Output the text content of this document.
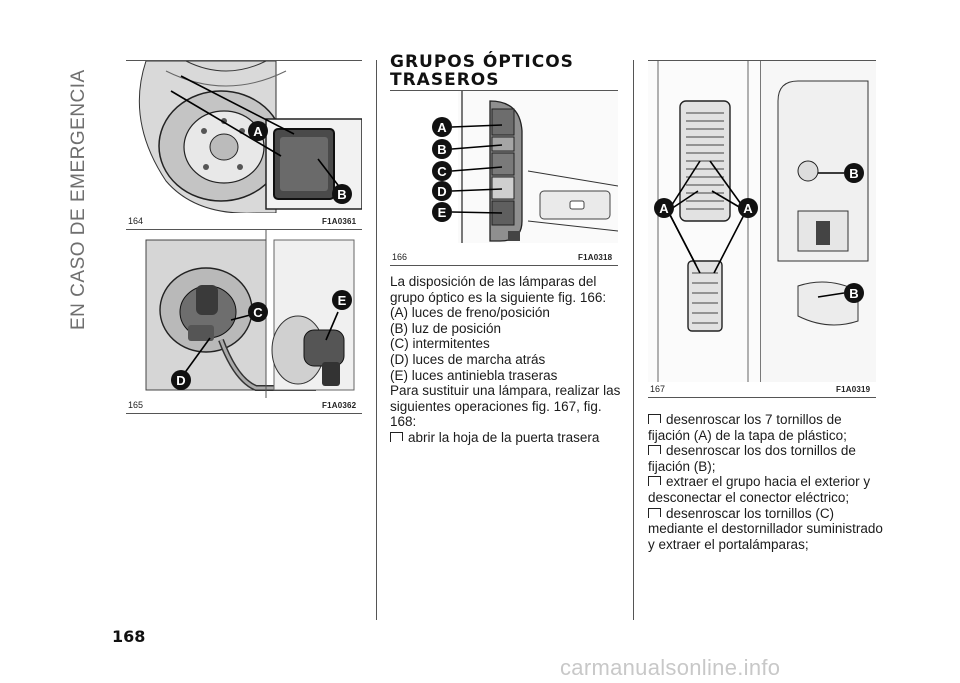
EN CASO DE EMERGENCIA	A
B
164	F1A0361
C
D
E
165	F1A0362
GRUPOS ÓPTICOS
TRASEROS
A
B
C
D
E
166	F1A0318

La disposición de las lámparas del grupo óptico es la siguiente fig. 166:

(A) luces de freno/posición

(B) luz de posición

(C) intermitentes

(D) luces de marcha atrás

(E) luces antiniebla traseras

Para sustituir una lámpara, realizar las siguientes operaciones fig. 167, fig. 168:

abrir la hoja de la puerta trasera

A	A
B
B
167	F1A0319

desenroscar los 7 tornillos de fijación (A) de la tapa de plástico;

desenroscar los dos tornillos de fijación (B);

extraer el grupo hacia el exterior y desconectar el conector eléctrico;

desenroscar los tornillos (C) mediante el destornillador suministrado y extraer el portalámparas;

168
carmanualsonline.info
